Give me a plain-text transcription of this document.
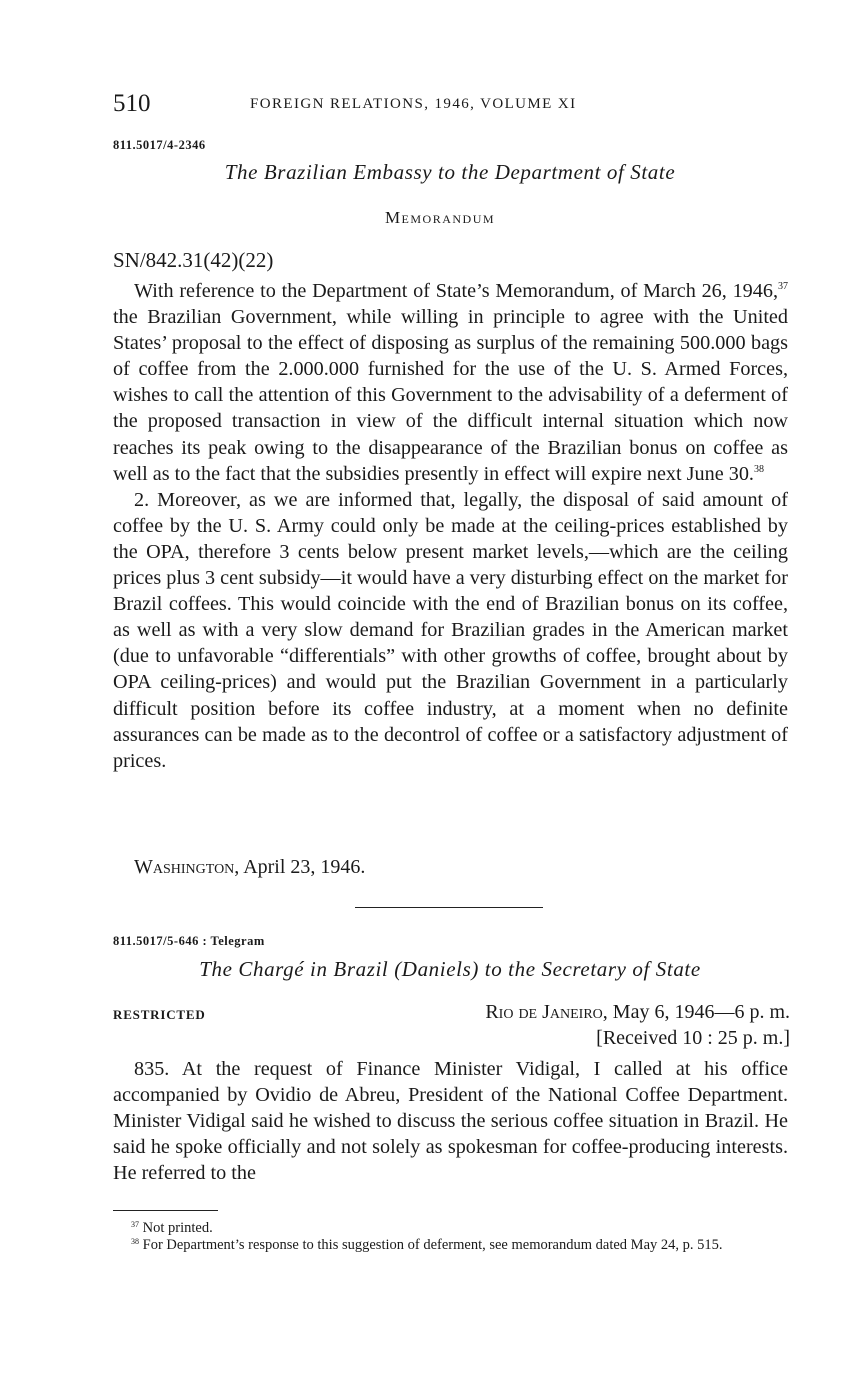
510	FOREIGN RELATIONS, 1946, VOLUME XI
811.5017/4-2346
The Brazilian Embassy to the Department of State
Memorandum
SN/842.31(42)(22)

With reference to the Department of State’s Memorandum, of March 26, 1946,37 the Brazilian Government, while willing in principle to agree with the United States’ proposal to the effect of disposing as surplus of the remaining 500.000 bags of coffee from the 2.000.000 furnished for the use of the U. S. Armed Forces, wishes to call the attention of this Government to the advisability of a deferment of the proposed transaction in view of the difficult internal situation which now reaches its peak owing to the disappearance of the Brazilian bonus on coffee as well as to the fact that the subsidies presently in effect will expire next June 30.38

2. Moreover, as we are informed that, legally, the disposal of said amount of coffee by the U. S. Army could only be made at the ceiling-prices established by the OPA, therefore 3 cents below present market levels,—which are the ceiling prices plus 3 cent subsidy—it would have a very disturbing effect on the market for Brazil coffees. This would coincide with the end of Brazilian bonus on its coffee, as well as with a very slow demand for Brazilian grades in the American market (due to unfavorable “differentials” with other growths of coffee, brought about by OPA ceiling-prices) and would put the Brazilian Government in a particularly difficult position before its coffee industry, at a moment when no definite assurances can be made as to the decontrol of coffee or a satisfactory adjustment of prices.

Washington, April 23, 1946.
811.5017/5-646 : Telegram
The Chargé in Brazil (Daniels) to the Secretary of State
RESTRICTED	Rio de Janeiro, May 6, 1946—6 p. m.
[Received 10 : 25 p. m.]

835. At the request of Finance Minister Vidigal, I called at his office accompanied by Ovidio de Abreu, President of the National Coffee Department. Minister Vidigal said he wished to discuss the serious coffee situation in Brazil. He said he spoke officially and not solely as spokesman for coffee-producing interests. He referred to the

$^{37}$ Not printed.
$^{38}$ For Department’s response to this suggestion of deferment, see memorandum dated May 24, p. 515.
